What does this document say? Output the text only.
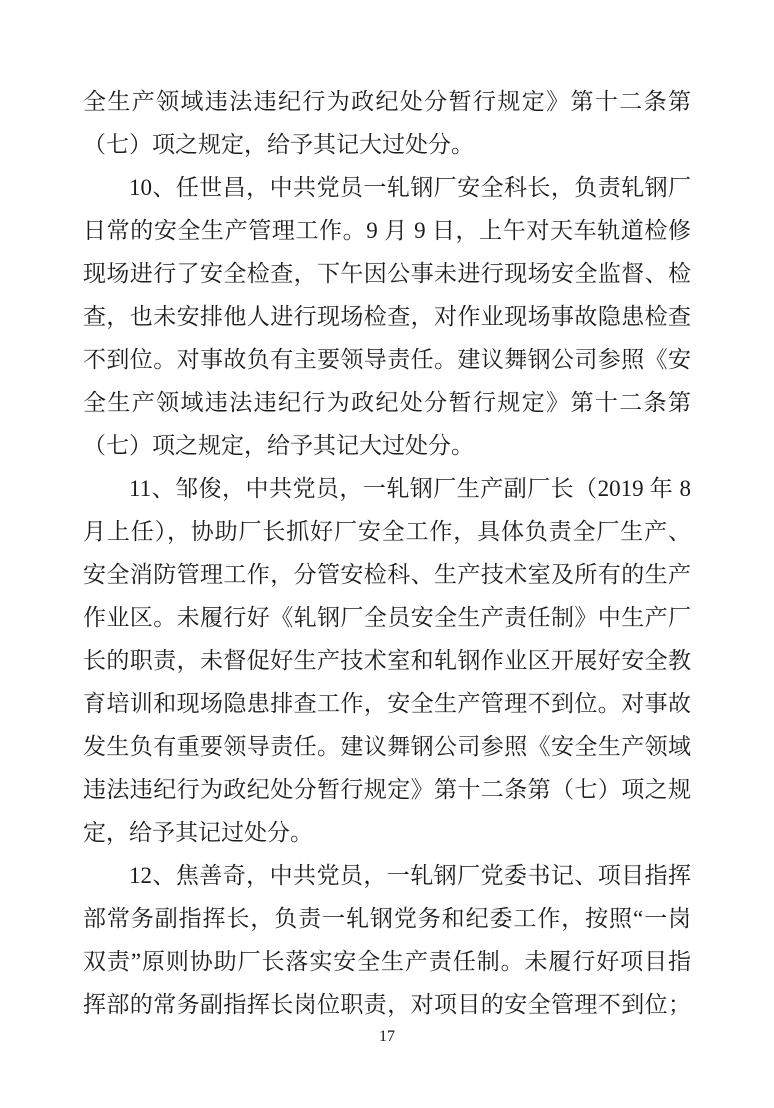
全生产领域违法违纪行为政纪处分暂行规定》第十二条第
（七）项之规定，给予其记大过处分。
10、任世昌，中共党员一轧钢厂安全科长，负责轧钢厂
日常的安全生产管理工作。9 月 9 日，上午对天车轨道检修
现场进行了安全检查，下午因公事未进行现场安全监督、检
查，也未安排他人进行现场检查，对作业现场事故隐患检查
不到位。对事故负有主要领导责任。建议舞钢公司参照《安
全生产领域违法违纪行为政纪处分暂行规定》第十二条第
（七）项之规定，给予其记大过处分。
11、邹俊，中共党员，一轧钢厂生产副厂长（2019 年 8
月上任），协助厂长抓好厂安全工作，具体负责全厂生产、
安全消防管理工作，分管安检科、生产技术室及所有的生产
作业区。未履行好《轧钢厂全员安全生产责任制》中生产厂
长的职责，未督促好生产技术室和轧钢作业区开展好安全教
育培训和现场隐患排查工作，安全生产管理不到位。对事故
发生负有重要领导责任。建议舞钢公司参照《安全生产领域
违法违纪行为政纪处分暂行规定》第十二条第（七）项之规
定，给予其记过处分。
12、焦善奇，中共党员，一轧钢厂党委书记、项目指挥
部常务副指挥长，负责一轧钢党务和纪委工作，按照“一岗
双责”原则协助厂长落实安全生产责任制。未履行好项目指
挥部的常务副指挥长岗位职责，对项目的安全管理不到位；
17
